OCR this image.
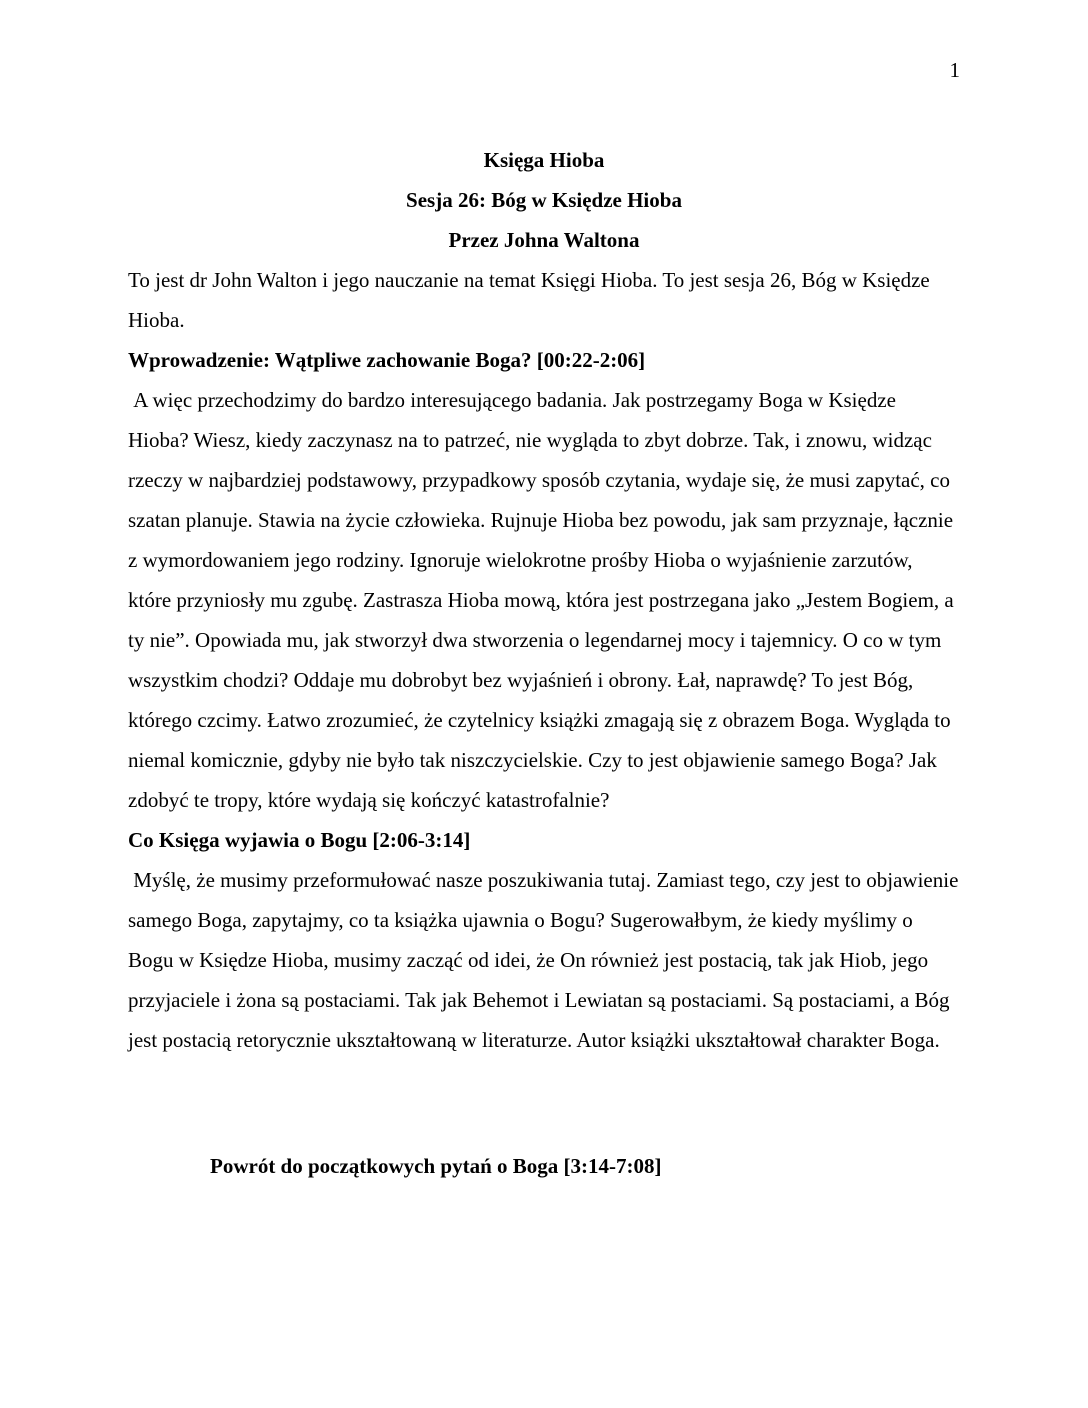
1
Księga Hioba
Sesja 26: Bóg w Księdze Hioba
Przez Johna Waltona

To jest dr John Walton i jego nauczanie na temat Księgi Hioba. To jest sesja 26, Bóg w Księdze Hioba.

Wprowadzenie: Wątpliwe zachowanie Boga? [00:22-2:06]

A więc przechodzimy do bardzo interesującego badania. Jak postrzegamy Boga w Księdze Hioba? Wiesz, kiedy zaczynasz na to patrzeć, nie wygląda to zbyt dobrze. Tak, i znowu, widząc rzeczy w najbardziej podstawowy, przypadkowy sposób czytania, wydaje się, że musi zapytać, co szatan planuje. Stawia na życie człowieka. Rujnuje Hioba bez powodu, jak sam przyznaje, łącznie z wymordowaniem jego rodziny. Ignoruje wielokrotne prośby Hioba o wyjaśnienie zarzutów, które przyniosły mu zgubę. Zastrasza Hioba mową, która jest postrzegana jako „Jestem Bogiem, a ty nie”. Opowiada mu, jak stworzył dwa stworzenia o legendarnej mocy i tajemnicy. O co w tym wszystkim chodzi? Oddaje mu dobrobyt bez wyjaśnień i obrony. Łał, naprawdę? To jest Bóg, którego czcimy. Łatwo zrozumieć, że czytelnicy książki zmagają się z obrazem Boga. Wygląda to niemal komicznie, gdyby nie było tak niszczycielskie. Czy to jest objawienie samego Boga? Jak zdobyć te tropy, które wydają się kończyć katastrofalnie?

Co Księga wyjawia o Bogu [2:06-3:14]

Myślę, że musimy przeformułować nasze poszukiwania tutaj. Zamiast tego, czy jest to objawienie samego Boga, zapytajmy, co ta książka ujawnia o Bogu? Sugerowałbym, że kiedy myślimy o Bogu w Księdze Hioba, musimy zacząć od idei, że On również jest postacią, tak jak Hiob, jego przyjaciele i żona są postaciami. Tak jak Behemot i Lewiatan są postaciami. Są postaciami, a Bóg jest postacią retorycznie ukształtowaną w literaturze. Autor książki ukształtował charakter Boga.

Powrót do początkowych pytań o Boga [3:14-7:08]
